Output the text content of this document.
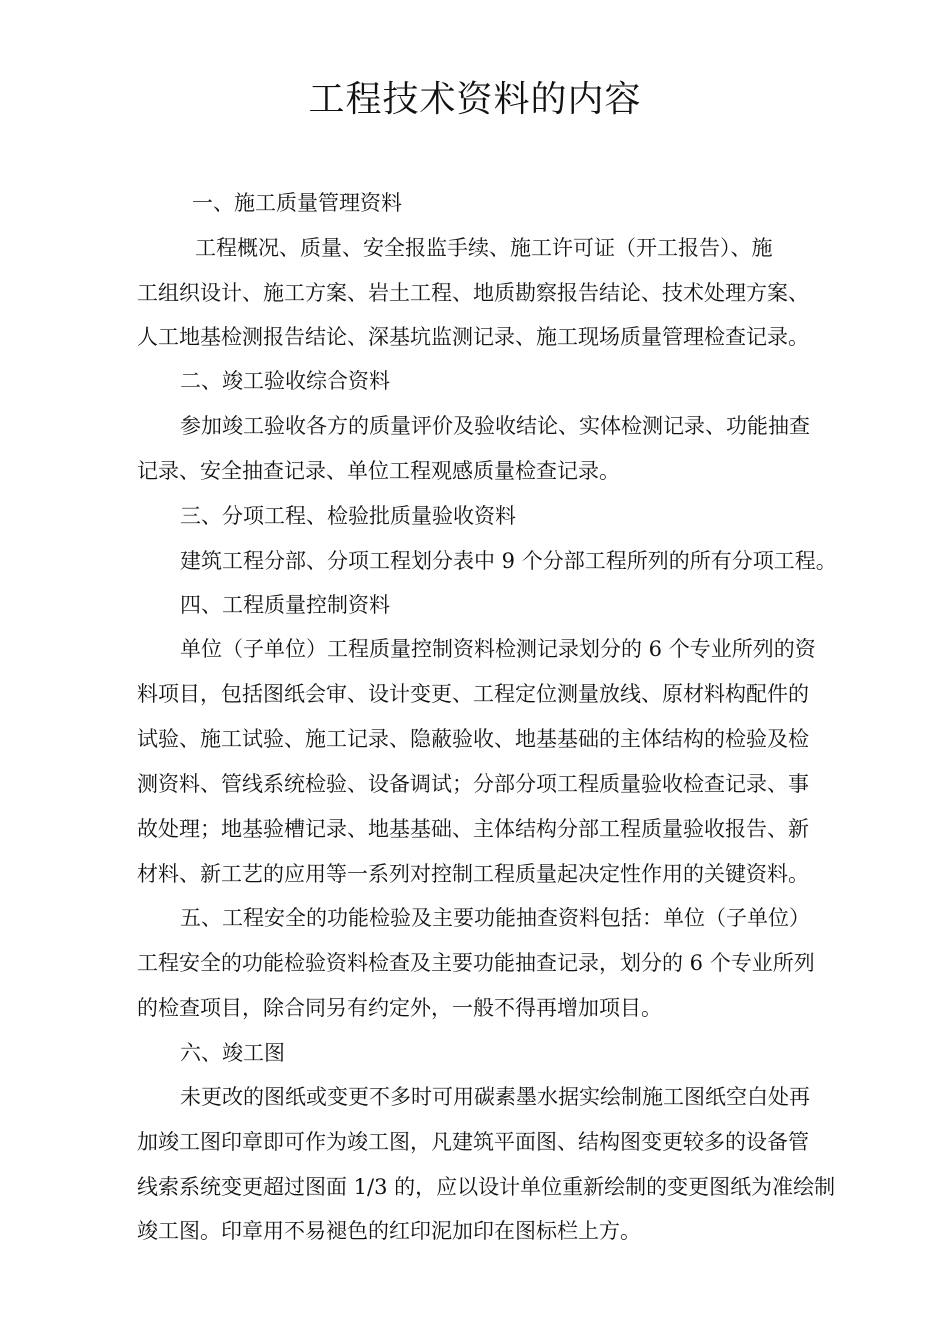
工程技术资料的内容
一、施工质量管理资料
工程概况、质量、安全报监手续、施工许可证（开工报告）、施
工组织设计、施工方案、岩土工程、地质勘察报告结论、技术处理方案、
人工地基检测报告结论、深基坑监测记录、施工现场质量管理检查记录。
二、竣工验收综合资料
参加竣工验收各方的质量评价及验收结论、实体检测记录、功能抽查
记录、安全抽查记录、单位工程观感质量检查记录。
三、分项工程、检验批质量验收资料
建筑工程分部、分项工程划分表中 9 个分部工程所列的所有分项工程。
四、工程质量控制资料
单位（子单位）工程质量控制资料检测记录划分的 6 个专业所列的资
料项目，包括图纸会审、设计变更、工程定位测量放线、原材料构配件的
试验、施工试验、施工记录、隐蔽验收、地基基础的主体结构的检验及检
测资料、管线系统检验、设备调试；分部分项工程质量验收检查记录、事
故处理；地基验槽记录、地基基础、主体结构分部工程质量验收报告、新
材料、新工艺的应用等一系列对控制工程质量起决定性作用的关键资料。
五、工程安全的功能检验及主要功能抽查资料包括：单位（子单位）
工程安全的功能检验资料检查及主要功能抽查记录，划分的 6 个专业所列
的检查项目，除合同另有约定外，一般不得再增加项目。
六、竣工图
未更改的图纸或变更不多时可用碳素墨水据实绘制施工图纸空白处再
加竣工图印章即可作为竣工图，凡建筑平面图、结构图变更较多的设备管
线索系统变更超过图面 1/3 的，应以设计单位重新绘制的变更图纸为准绘制
竣工图。印章用不易褪色的红印泥加印在图标栏上方。
